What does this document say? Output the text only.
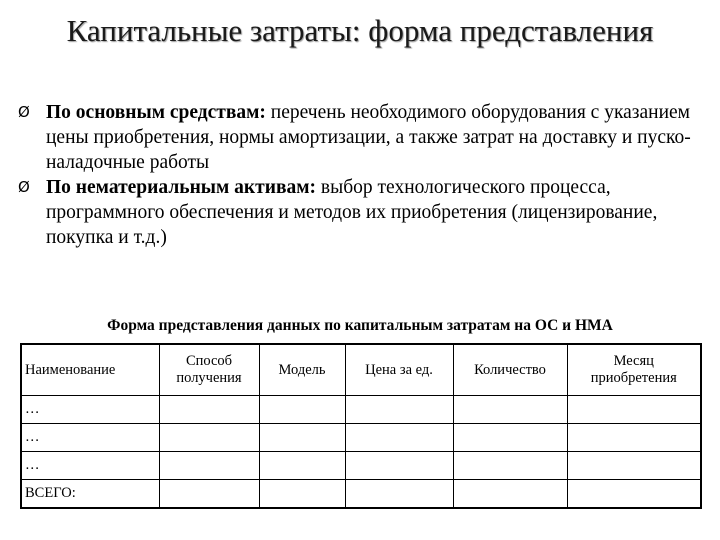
Капитальные затраты: форма представления
Ø По основным средствам: перечень необходимого оборудования с указанием цены приобретения, нормы амортизации, а также затрат на доставку и пуско-наладочные работы
Ø По нематериальным активам: выбор технологического процесса, программного обеспечения и методов их приобретения (лицензирование, покупка и т.д.)
Форма представления данных по капитальным затратам на ОС и НМА
Наименование	Способ получения	Модель	Цена за ед.	Количество	Месяц приобретения
…					
…					
…					
ВСЕГО:					
